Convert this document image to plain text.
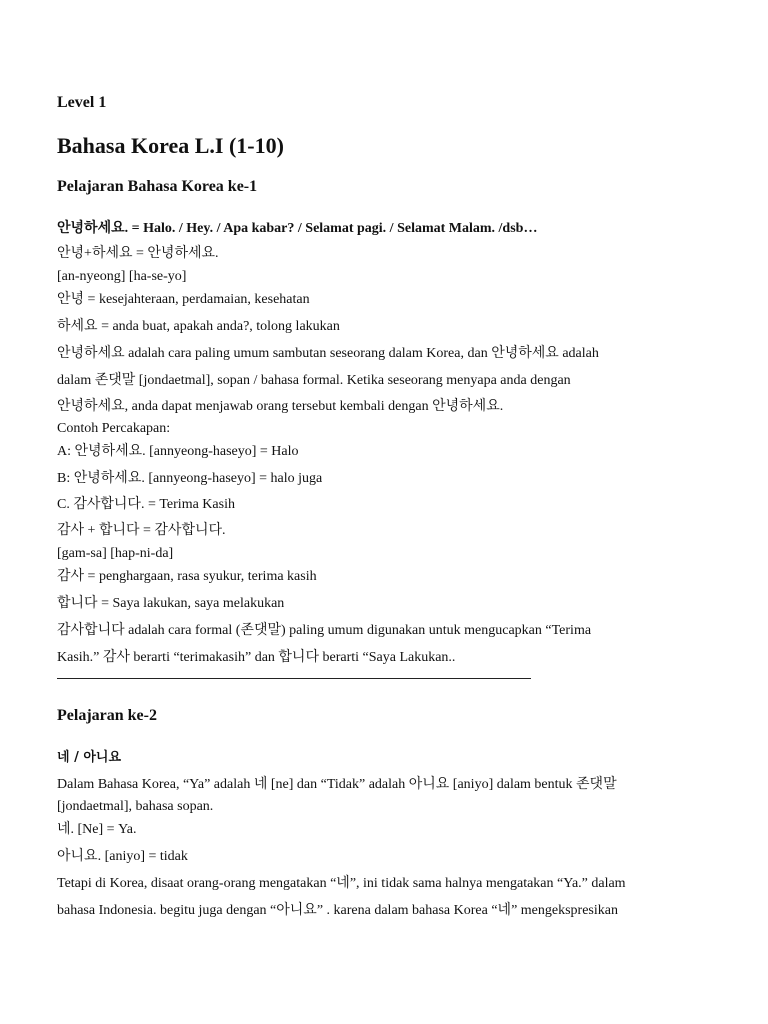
Level 1
Bahasa Korea L.I (1-10)
Pelajaran Bahasa Korea ke-1
안녕하세요. = Halo. / Hey. / Apa kabar? / Selamat pagi. / Selamat Malam. /dsb…
안녕+하세요 = 안녕하세요.
[an-nyeong] [ha-se-yo]
안녕 = kesejahteraan, perdamaian, kesehatan
하세요 = anda buat, apakah anda?, tolong lakukan
안녕하세요 adalah cara paling umum sambutan seseorang dalam Korea, dan 안녕하세요 adalah
dalam 존댓말 [jondaetmal], sopan / bahasa formal. Ketika seseorang menyapa anda dengan
안녕하세요, anda dapat menjawab orang tersebut kembali dengan 안녕하세요.
Contoh Percakapan:
A: 안녕하세요. [annyeong-haseyo] = Halo
B: 안녕하세요. [annyeong-haseyo] = halo juga
C. 감사합니다. = Terima Kasih
감사 + 합니다 = 감사합니다.
[gam-sa] [hap-ni-da]
감사 = penghargaan, rasa syukur, terima kasih
합니다 = Saya lakukan, saya melakukan
감사합니다 adalah cara formal (존댓말) paling umum digunakan untuk mengucapkan “Terima
Kasih.” 감사 berarti “terimakasih” dan 합니다 berarti “Saya Lakukan..
Pelajaran ke-2
네 / 아니요
Dalam Bahasa Korea, “Ya” adalah 네 [ne] dan “Tidak” adalah 아니요 [aniyo] dalam bentuk 존댓말
[jondaetmal], bahasa sopan.
네. [Ne] = Ya.
아니요. [aniyo] = tidak
Tetapi di Korea, disaat orang-orang mengatakan “네”, ini tidak sama halnya mengatakan “Ya.” dalam
bahasa Indonesia. begitu juga dengan “아니요” . karena dalam bahasa Korea “네” mengekspresikan
